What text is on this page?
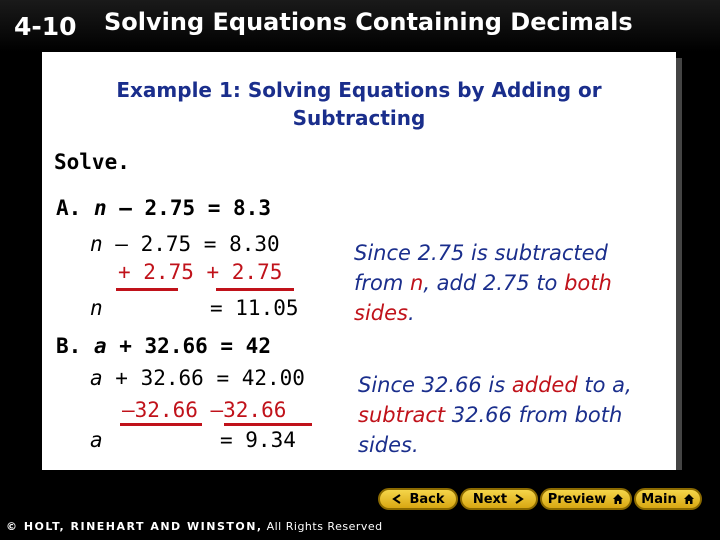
4-10 Solving Equations Containing Decimals
Example 1: Solving Equations by Adding or
Subtracting
Solve.
A. n – 2.75 = 8.3
n – 2.75 = 8.30
+ 2.75 + 2.75
n	= 11.05
Since 2.75 is subtracted
from n, add 2.75 to both
sides.
B. a + 32.66 = 42
a + 32.66 = 42.00
–32.66 –32.66
a	= 9.34
Since 32.66 is added to a,
subtract 32.66 from both
sides.
Back Next	Preview	Main
© HOLT, RINEHART AND WINSTON, All Rights Reserved
